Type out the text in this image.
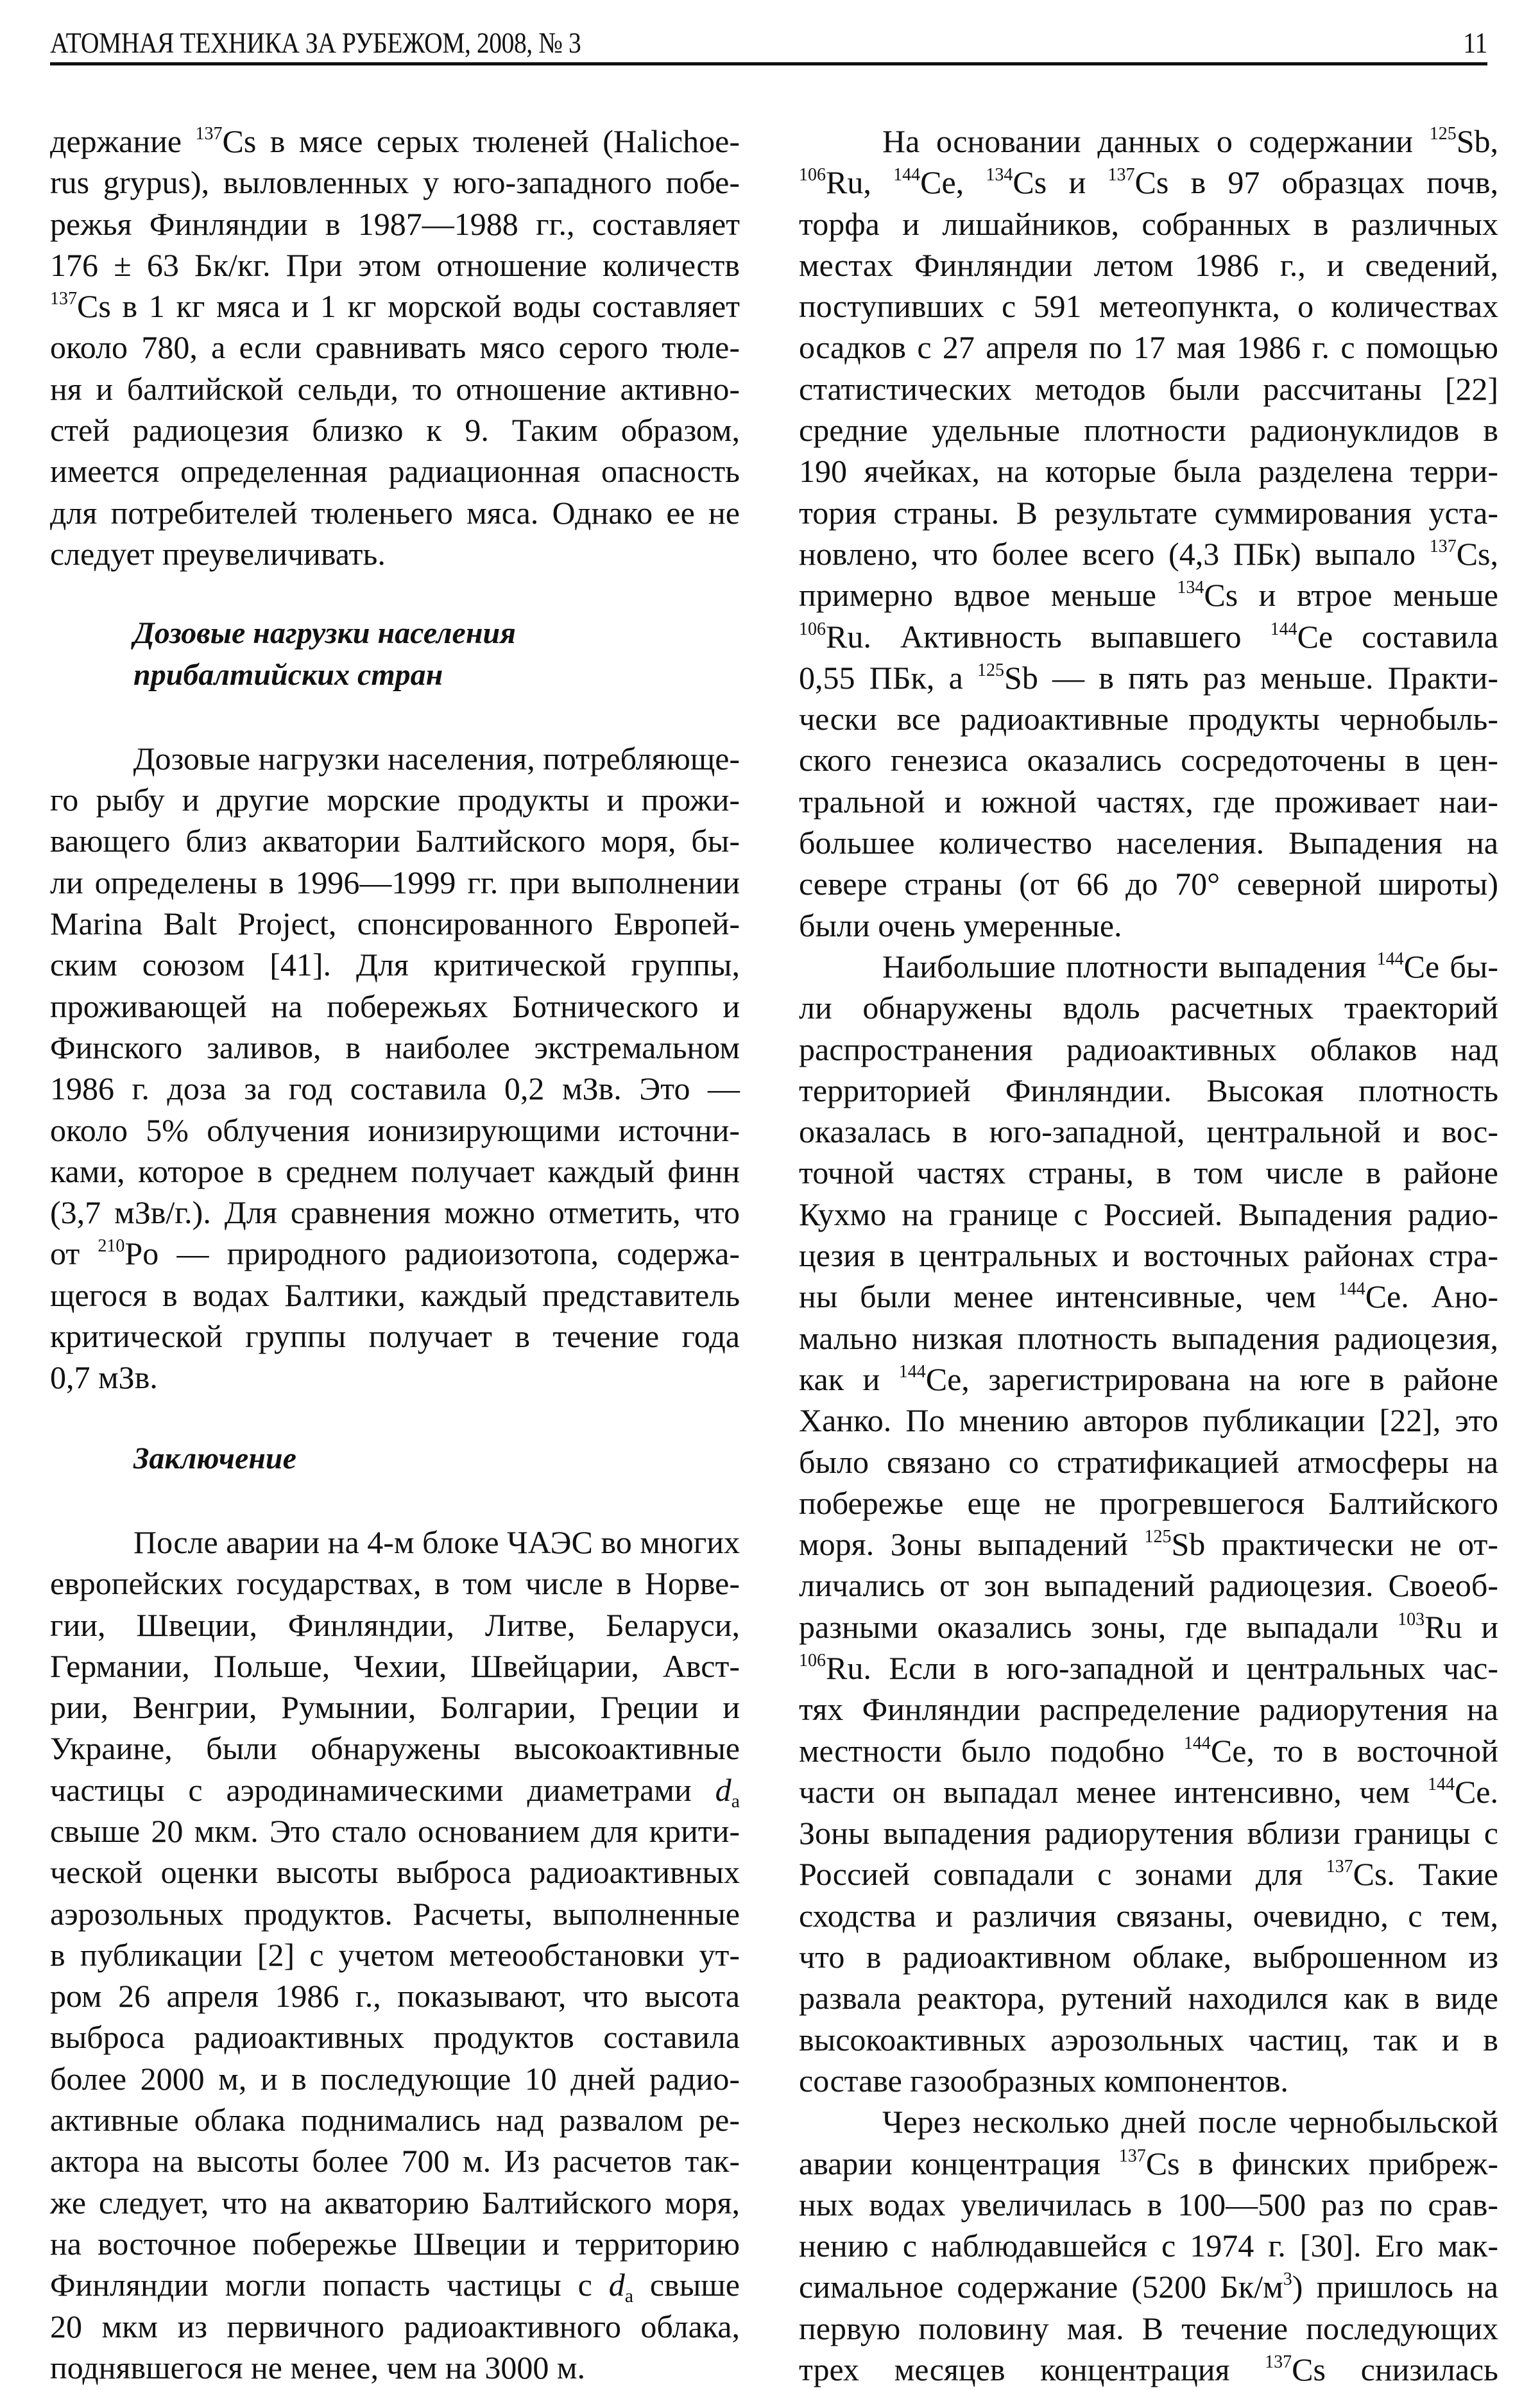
АТОМНАЯ ТЕХНИКА ЗА РУБЕЖОМ, 2008, № 3	11
держание $^{137}$Cs в мясе серых тюленей (Halichoe-
rus grypus), выловленных у юго-западного побе-
режья Финляндии в 1987—1988 гг., составляет
176 ± 63 Бк/кг. При этом отношение количеств
$^{137}$Cs в 1 кг мяса и 1 кг морской воды составляет
около 780, а если сравнивать мясо серого тюле-
ня и балтийской сельди, то отношение активно-
стей радиоцезия близко к 9. Таким образом,
имеется определенная радиационная опасность
для потребителей тюленьего мяса. Однако ее не
следует преувеличивать.
Дозовые нагрузки населения
прибалтийских стран
Дозовые нагрузки населения, потребляюще-
го рыбу и другие морские продукты и прожи-
вающего близ акватории Балтийского моря, бы-
ли определены в 1996—1999 гг. при выполнении
Marina Balt Project, спонсированного Европей-
ским союзом [41]. Для критической группы,
проживающей на побережьях Ботнического и
Финского заливов, в наиболее экстремальном
1986 г. доза за год составила 0,2 мЗв. Это —
около 5% облучения ионизирующими источни-
ками, которое в среднем получает каждый финн
(3,7 мЗв/г.). Для сравнения можно отметить, что
от $^{210}$Po — природного радиоизотопа, содержа-
щегося в водах Балтики, каждый представитель
критической группы получает в течение года
0,7 мЗв.
Заключение
После аварии на 4-м блоке ЧАЭС во многих
европейских государствах, в том числе в Норве-
гии, Швеции, Финляндии, Литве, Беларуси,
Германии, Польше, Чехии, Швейцарии, Авст-
рии, Венгрии, Румынии, Болгарии, Греции и
Украине, были обнаружены высокоактивные
частицы с аэродинамическими диаметрами $d_a$
свыше 20 мкм. Это стало основанием для крити-
ческой оценки высоты выброса радиоактивных
аэрозольных продуктов. Расчеты, выполненные
в публикации [2] с учетом метеообстановки ут-
ром 26 апреля 1986 г., показывают, что высота
выброса радиоактивных продуктов составила
более 2000 м, и в последующие 10 дней радио-
активные облака поднимались над развалом ре-
актора на высоты более 700 м. Из расчетов так-
же следует, что на акваторию Балтийского моря,
на восточное побережье Швеции и территорию
Финляндии могли попасть частицы с $d_a$ свыше
20 мкм из первичного радиоактивного облака,
поднявшегося не менее, чем на 3000 м.
На основании данных о содержании $^{125}$Sb,
$^{106}$Ru, $^{144}$Ce, $^{134}$Cs и $^{137}$Cs в 97 образцах почв,
торфа и лишайников, собранных в различных
местах Финляндии летом 1986 г., и сведений,
поступивших с 591 метеопункта, о количествах
осадков с 27 апреля по 17 мая 1986 г. с помощью
статистических методов были рассчитаны [22]
средние удельные плотности радионуклидов в
190 ячейках, на которые была разделена терри-
тория страны. В результате суммирования уста-
новлено, что более всего (4,3 ПБк) выпало $^{137}$Cs,
примерно вдвое меньше $^{134}$Cs и втрое меньше
$^{106}$Ru. Активность выпавшего $^{144}$Ce составила
0,55 ПБк, а $^{125}$Sb — в пять раз меньше. Практи-
чески все радиоактивные продукты чернобыль-
ского генезиса оказались сосредоточены в цен-
тральной и южной частях, где проживает наи-
большее количество населения. Выпадения на
севере страны (от 66 до 70° северной широты)
были очень умеренные.
Наибольшие плотности выпадения $^{144}$Ce бы-
ли обнаружены вдоль расчетных траекторий
распространения радиоактивных облаков над
территорией Финляндии. Высокая плотность
оказалась в юго-западной, центральной и вос-
точной частях страны, в том числе в районе
Кухмо на границе с Россией. Выпадения радио-
цезия в центральных и восточных районах стра-
ны были менее интенсивные, чем $^{144}$Ce. Ано-
мально низкая плотность выпадения радиоцезия,
как и $^{144}$Ce, зарегистрирована на юге в районе
Ханко. По мнению авторов публикации [22], это
было связано со стратификацией атмосферы на
побережье еще не прогревшегося Балтийского
моря. Зоны выпадений $^{125}$Sb практически не от-
личались от зон выпадений радиоцезия. Своеоб-
разными оказались зоны, где выпадали $^{103}$Ru и
$^{106}$Ru. Если в юго-западной и центральных час-
тях Финляндии распределение радиорутения на
местности было подобно $^{144}$Ce, то в восточной
части он выпадал менее интенсивно, чем $^{144}$Ce.
Зоны выпадения радиорутения вблизи границы с
Россией совпадали с зонами для $^{137}$Cs. Такие
сходства и различия связаны, очевидно, с тем,
что в радиоактивном облаке, выброшенном из
развала реактора, рутений находился как в виде
высокоактивных аэрозольных частиц, так и в
составе газообразных компонентов.
Через несколько дней после чернобыльской
аварии концентрация $^{137}$Cs в финских прибреж-
ных водах увеличилась в 100—500 раз по срав-
нению с наблюдавшейся с 1974 г. [30]. Его мак-
симальное содержание (5200 $Бк/м^3$) пришлось на
первую половину мая. В течение последующих
трех месяцев концентрация $^{137}$Cs снизилась
